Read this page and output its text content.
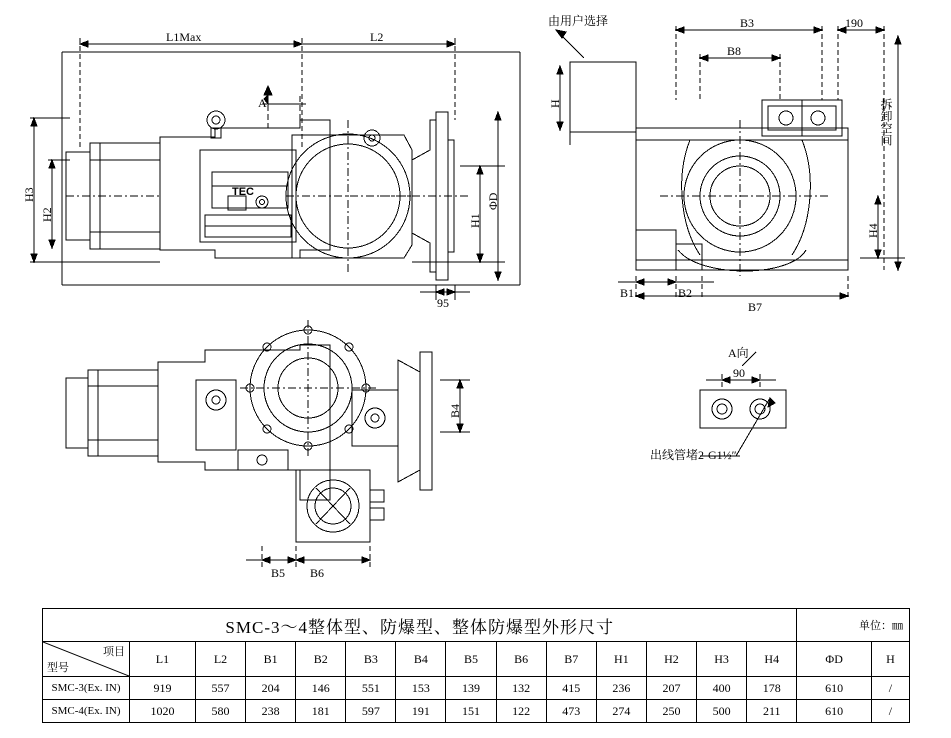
L1Max	L2
H3
H2	H1
ΦD
A
95
TEC
由用户选择	B3
B8
190
H	拆卸空间
H4
B1	B2
B7
B4
B5 B6
A向
90
出线管堵2-G1½″
SMC-3～4整体型、防爆型、整体防爆型外形尺寸														单位：㎜	

项目
型号	L1	L2	B1	B2	B3	B4	B5	B6	B7	H1	H2	H3	H4	ΦD	H
SMC-3(Ex. IN)	919	557	204	146	551	153	139	132	415	236	207	400	178	610	/
SMC-4(Ex. IN)	1020	580	238	181	597	191	151	122	473	274	250	500	211	610	/
